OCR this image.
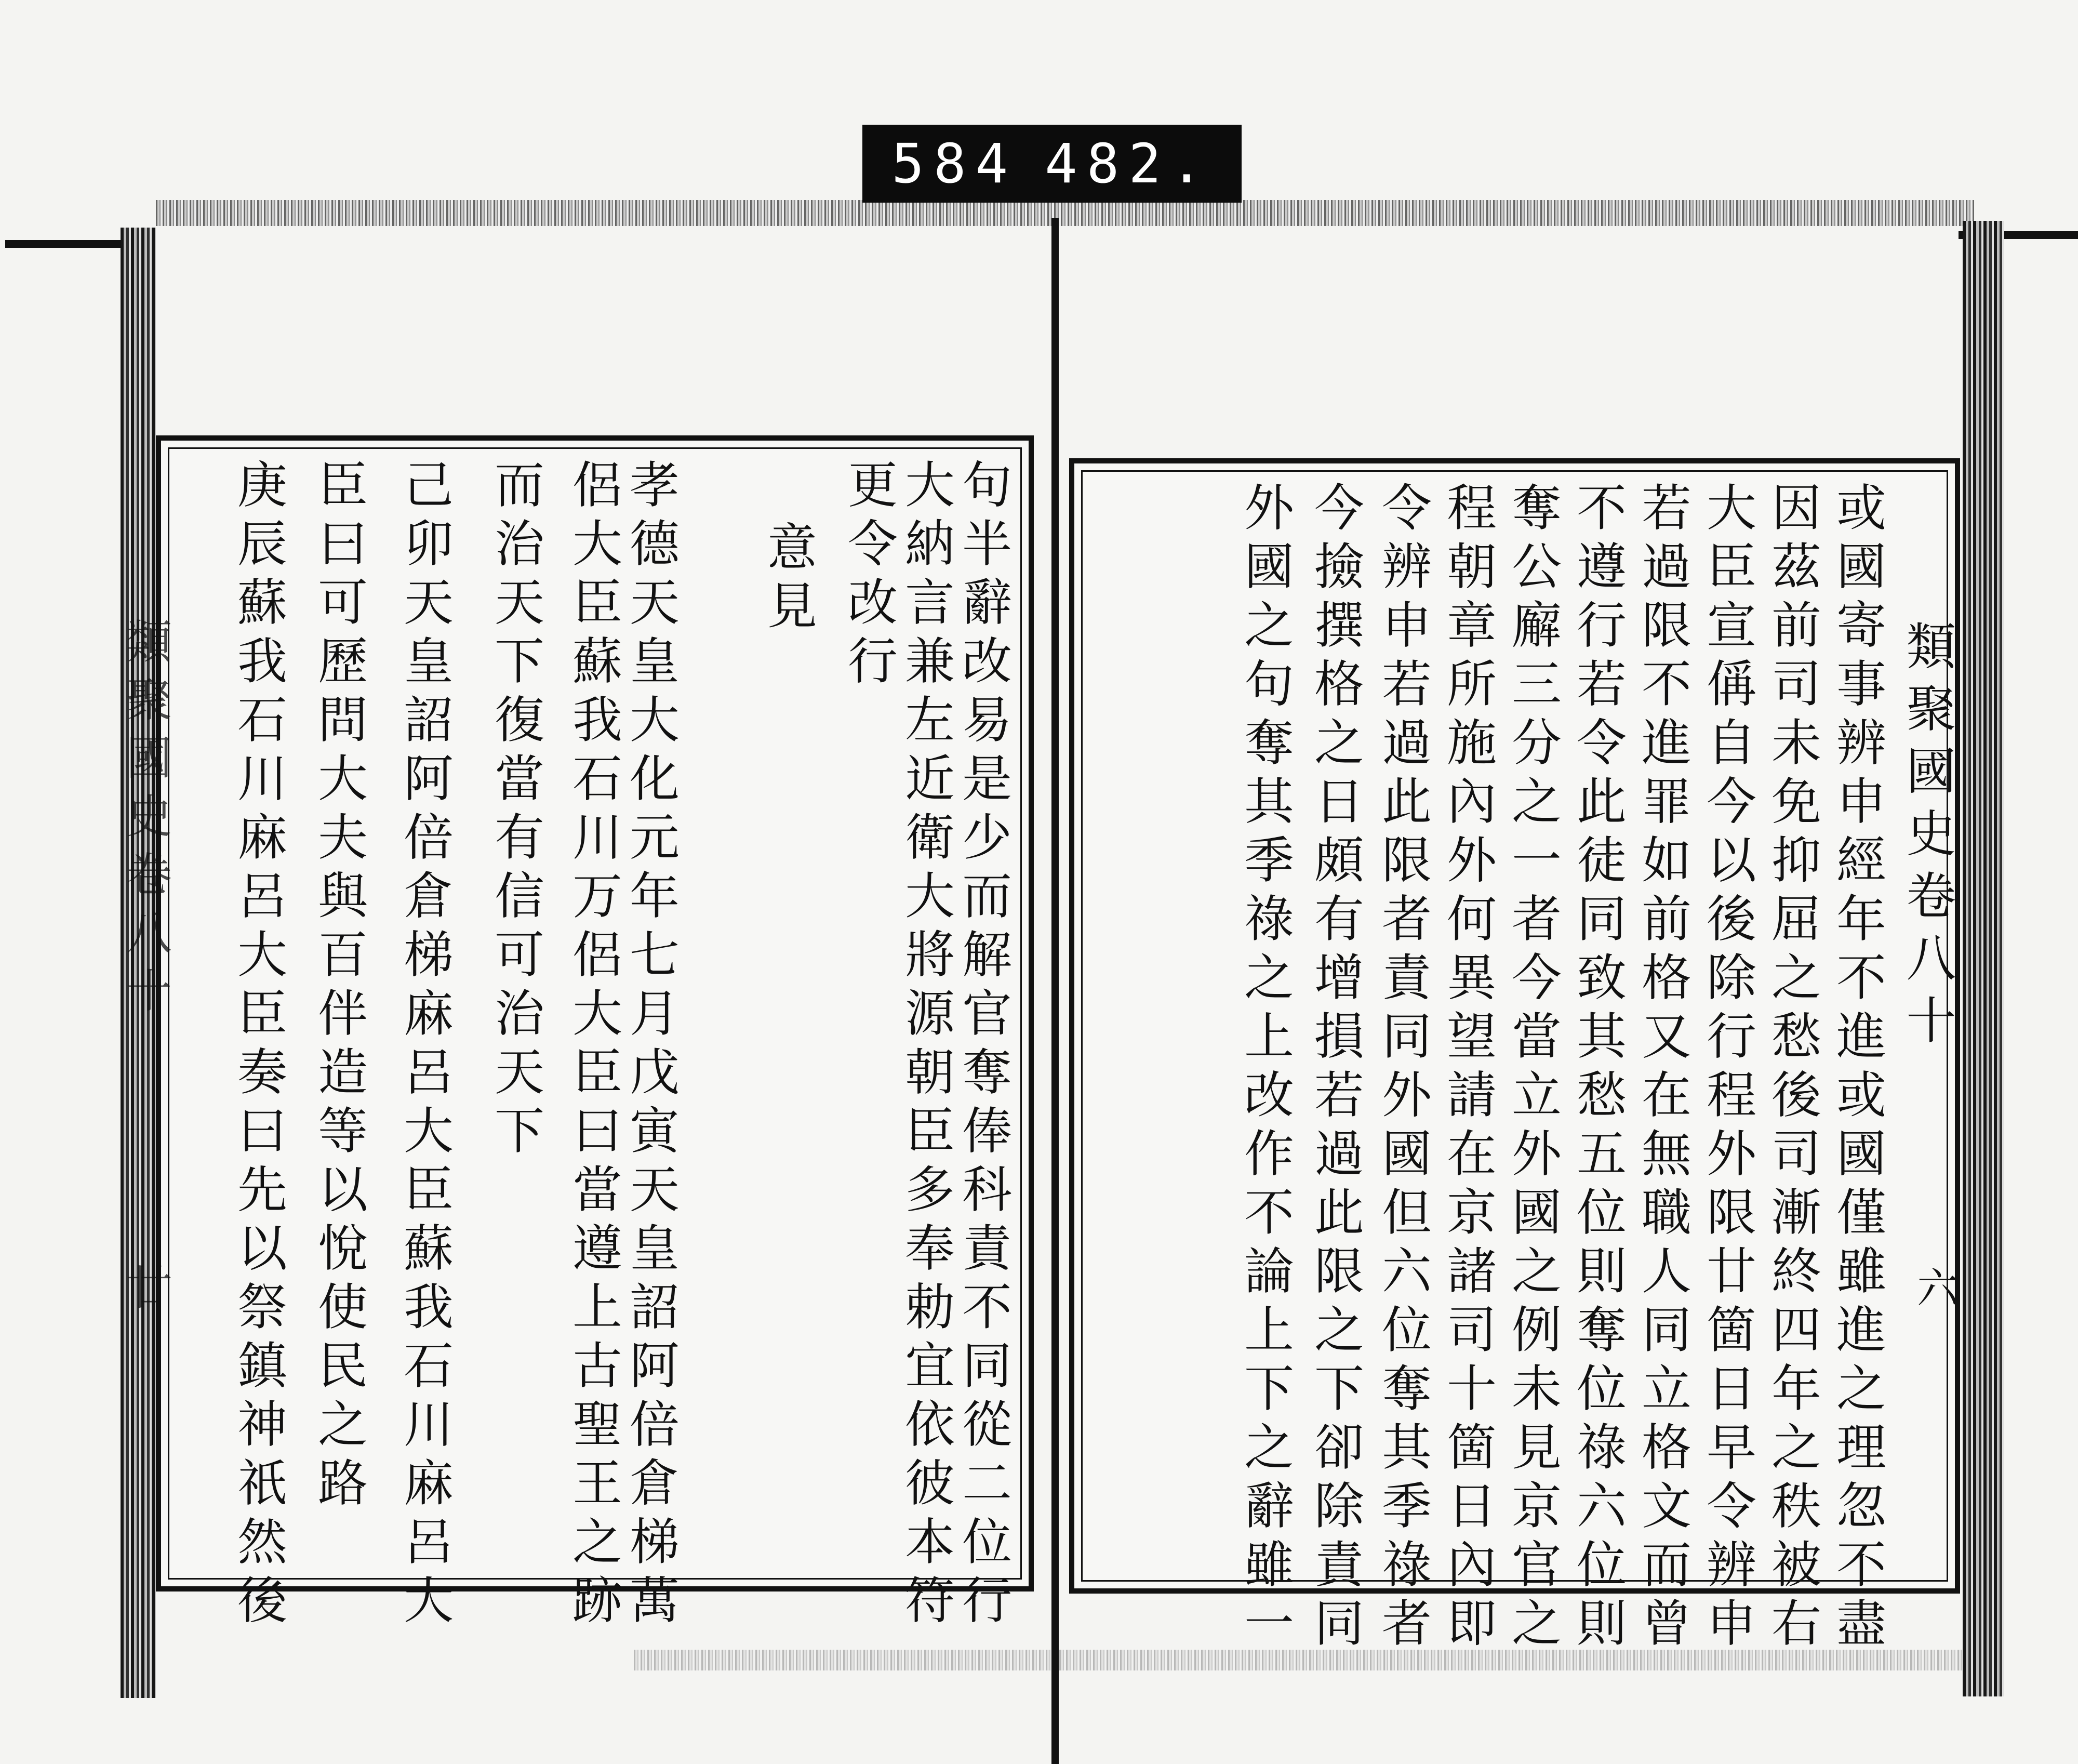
584 482.
句半辭改易是少而解官奪俸科責不同從二位行
大納言兼左近衛大將源朝臣多奉勅宜依彼本符
更令改行
意見
孝德天皇大化元年七月戊寅天皇詔阿倍倉梯萬
侶大臣蘇我石川万侶大臣曰當遵上古聖王之跡
而治天下復當有信可治天下
己卯天皇詔阿倍倉梯麻呂大臣蘇我石川麻呂大
臣曰可歷問大夫與百伴造等以悅使民之路
庚辰蘇我石川麻呂大臣奏曰先以祭鎮神祇然後
類聚國史卷八十
廿
或國寄事辨申經年不進或國僅雖進之理忽不盡
因茲前司未免抑屈之愁後司漸終四年之秩被右
大臣宣偁自今以後除行程外限廿箇日早令辨申
若過限不進罪如前格又在無職人同立格文而曾
不遵行若令此徒同致其愁五位則奪位祿六位則
奪公廨三分之一者今當立外國之例未見京官之
程朝章所施內外何異望請在京諸司十箇日內即
令辨申若過此限者責同外國但六位奪其季祿者
今撿撰格之日頗有增損若過此限之下卻除責同
外國之句奪其季祿之上改作不論上下之辭雖一
類聚國史卷八十
六
